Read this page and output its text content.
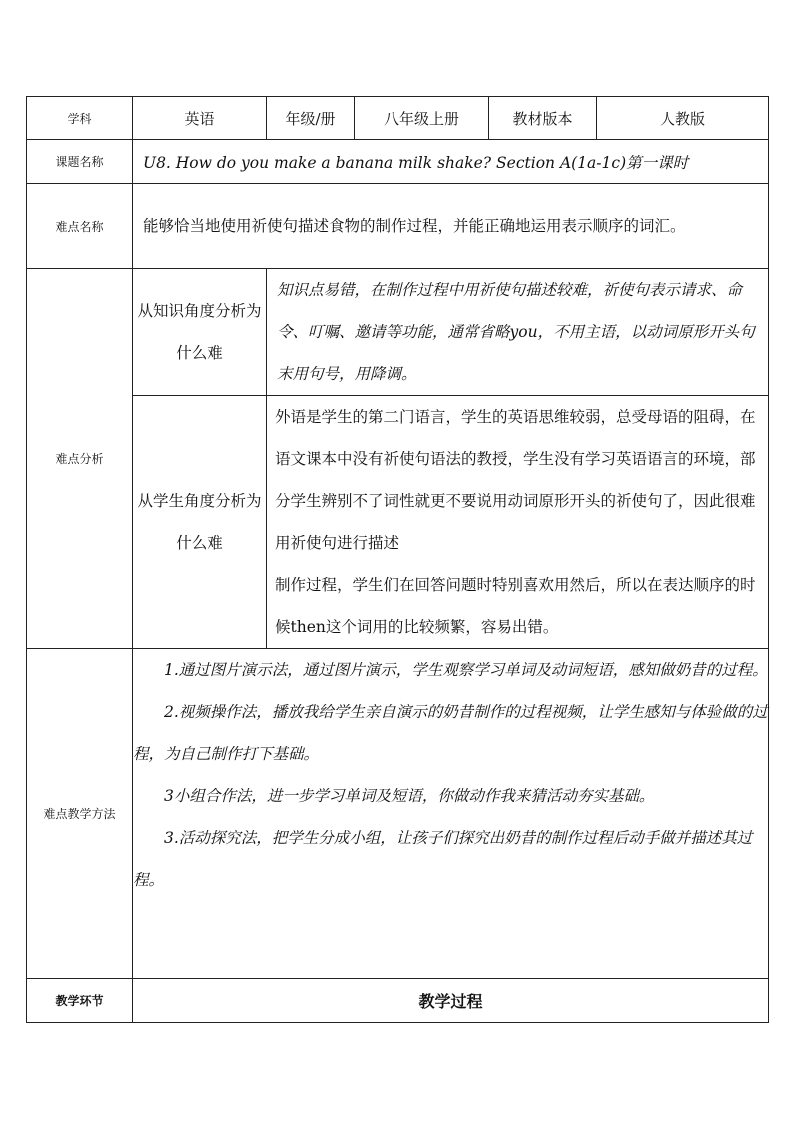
学科	英语	年级/册	八年级上册	教材版本	人教版
课题名称	U8. How do you make a banana milk shake? Section A(1a-1c)第一课时				
难点名称	能够恰当地使用祈使句描述食物的制作过程，并能正确地运用表示顺序的词汇。				
难点分析	从知识角度分析为什么难	知识点易错，在制作过程中用祈使句描述较难，祈使句表示请求、命令、叮嘱、邀请等功能，通常省略you，不用主语，以动词原形开头句末用句号，用降调。			
	从学生角度分析为什么难	外语是学生的第二门语言，学生的英语思维较弱，总受母语的阻碍，在语文课本中没有祈使句语法的教授，学生没有学习英语语言的环境，部分学生辨别不了词性就更不要说用动词原形开头的祈使句了，因此很难用祈使句进行描述
制作过程，学生们在回答问题时特别喜欢用然后，所以在表达顺序的时候then这个词用的比较频繁，容易出错。			

难点教学方法	1.通过图片演示法，通过图片演示，学生观察学习单词及动词短语，感知做奶昔的过程。

2.视频操作法，播放我给学生亲自演示的奶昔制作的过程视频，让学生感知与体验做的过程，为自己制作打下基础。

3小组合作法，进一步学习单词及短语，你做动作我来猜活动夯实基础。

3.活动探究法，把学生分成小组，让孩子们探究出奶昔的制作过程后动手做并描述其过程。				

教学环节	教学过程				
